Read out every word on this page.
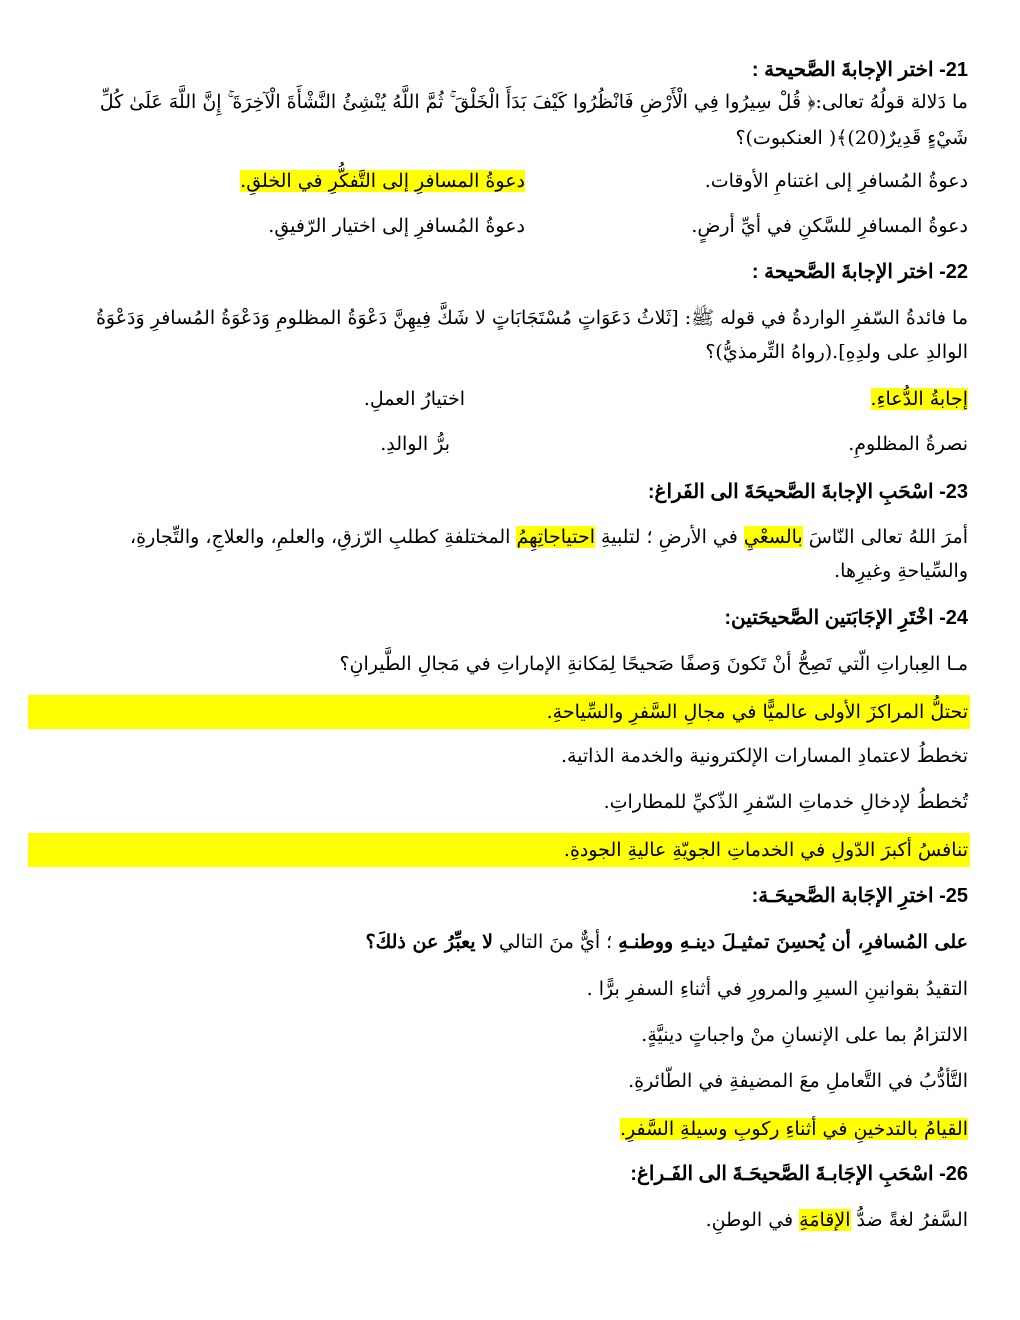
21- اختر الإجابةَ الصَّحيحة :
ما دَلالة قولُهُ تعالى:﴿ قُلْ سِيرُوا فِي الْأَرْضِ فَانْظُرُوا كَيْفَ بَدَأَ الْخَلْقَ ۚ ثُمَّ اللَّهُ يُنْشِئُ النَّشْأَةَ الْآخِرَةَ ۚ إِنَّ اللَّهَ عَلَىٰ كُلِّ
شَيْءٍ قَدِيرٌ(20)﴾( العنكبوت)؟
دعوةُ المُسافرِ إلى اغتنامِ الأوقات.
دعوةُ المسافرِ إلى التَّفكُّرِ في الخلقِ.
دعوةُ المسافرِ للسَّكنِ في أيِّ أرضٍ.
دعوةُ المُسافرِ إلى اختيار الرّفيقِ.
22- اختر الإجابةَ الصَّحيحة :
ما فائدةُ السّفرِ الواردةُ في قوله ﷺ: [ثَلاثُ دَعَوَاتٍ مُسْتَجَابَاتٍ لا شَكَّ فِيهِنَّ دَعْوَةُ المظلومِ وَدَعْوَةُ المُسافرِ وَدَعْوَةُ
الوالدِ على ولدِهِ].(رواهُ التِّرمذيُّ)؟
إجابةُ الدُّعاءِ.
اختيارُ العملِ.
نصرةُ المظلومِ.
برُّ الوالدِ.
23- اسْحَبِ الإجابةَ الصَّحيحَةَ الى الفَراغ:
أمرَ اللهُ تعالى النّاسَ بالسعْيِ في الأرضِ ؛ لتلبيةِ احتياجاتِهِمُ المختلفةِ كطلبِ الرّزقِ، والعلمِ، والعلاجِ، والتِّجارةِ،
والسِّياحةِ وغيرِها.
24- اخْتَرِ الإجَابَتين الصَّحيحَتين:
مـا العِباراتِ الّتي تَصِحُّ أنْ تَكونَ وَصفًا صَحيحًا لِمَكانةِ الإماراتِ في مَجالِ الطَّيرانِ؟
تحتلُّ المراكزَ الأولى عالميًّا في مجالِ السَّفرِ والسِّياحةِ.
تخططُ لاعتمادِ المسارات الإلكترونية والخدمة الذاتية.
تُخططُ لإدخالِ خدماتِ السّفرِ الذّكيِّ للمطاراتِ.
تنافسُ أكبرَ الدّولِ في الخدماتِ الجويّةِ عاليةِ الجودةِ.
25- اخترِ الإجَابة الصَّحيحَـة:
على المُسافرِ، أن يُحسِنَ تمثيـلَ دينـهِ ووطنـهِ ؛ أيٌّ منَ التالي لا يعبِّرُ عن ذلكَ؟
التقيدُ بقوانينِ السيرِ والمرورِ في أثناءِ السفرِ برًّا .
الالتزامُ بما على الإنسانِ منْ واجباتٍ دينيَّةٍ.
التَّأدُّبُ في التَّعاملِ معَ المضيفةِ في الطّائرةِ.
القيامُ بالتدخينِ في أثناءِ ركوبِ وسيلةِ السَّفرِ.
26- اسْحَبِ الإجَابـةَ الصَّحيحَـةَ الى الفَـراغ:
السَّفرُ لغةً ضدُّ الإقامَةِ في الوطنِ.
